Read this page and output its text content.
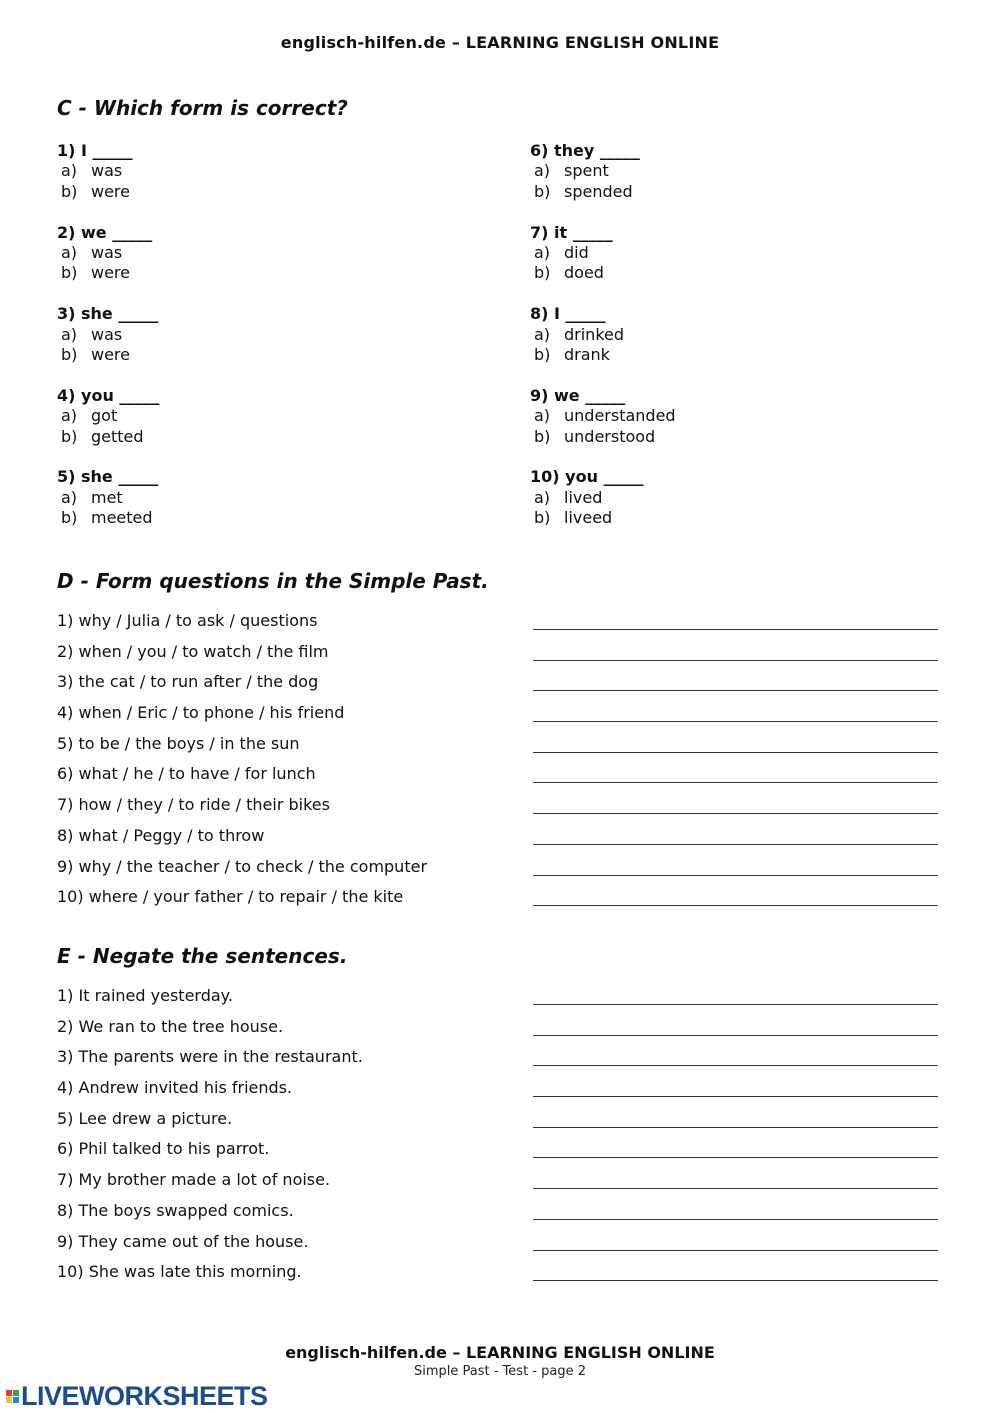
englisch-hilfen.de – LEARNING ENGLISH ONLINE
C - Which form is correct?
1) I _____
a) was
b) were
2) we _____
a) was
b) were
3) she _____
a) was
b) were
4) you _____
a) got
b) getted
5) she _____
a) met
b) meeted
6) they _____
a) spent
b) spended
7) it _____
a) did
b) doed
8) I _____
a) drinked
b) drank
9) we _____
a) understanded
b) understood
10) you _____
a) lived
b) liveed
D - Form questions in the Simple Past.
1) why / Julia / to ask / questions
2) when / you / to watch / the film
3) the cat / to run after / the dog
4) when / Eric / to phone / his friend
5) to be / the boys / in the sun
6) what / he / to have / for lunch
7) how / they / to ride / their bikes
8) what / Peggy / to throw
9) why / the teacher / to check / the computer
10) where / your father / to repair / the kite
E - Negate the sentences.
1) It rained yesterday.
2) We ran to the tree house.
3) The parents were in the restaurant.
4) Andrew invited his friends.
5) Lee drew a picture.
6) Phil talked to his parrot.
7) My brother made a lot of noise.
8) The boys swapped comics.
9) They came out of the house.
10) She was late this morning.
englisch-hilfen.de – LEARNING ENGLISH ONLINE
Simple Past - Test - page 2
LIVEWORKSHEETS
